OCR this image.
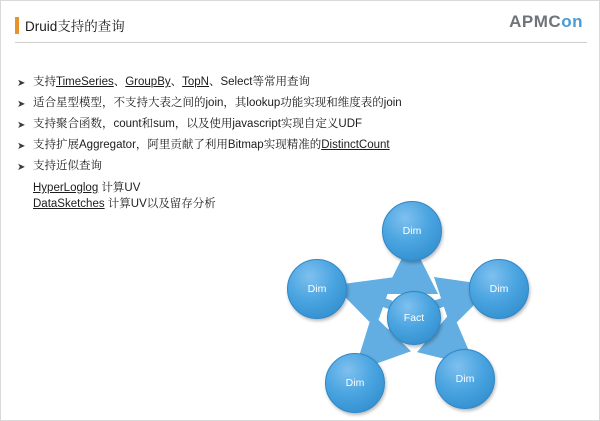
Druid支持的查询	APMCon
➤ 支持TimeSeries、GroupBy、TopN、Select等常用查询
➤ 适合星型模型，不支持大表之间的join，其lookup功能实现和维度表的join
➤ 支持聚合函数，count和sum，以及使用javascript实现自定义UDF
➤ 支持扩展Aggregator，阿里贡献了利用Bitmap实现精准的DistinctCount
➤ 支持近似查询
HyperLoglog 计算UV
DataSketches 计算UV以及留存分析
Dim
Dim	Dim
Dim	Dim
Fact
